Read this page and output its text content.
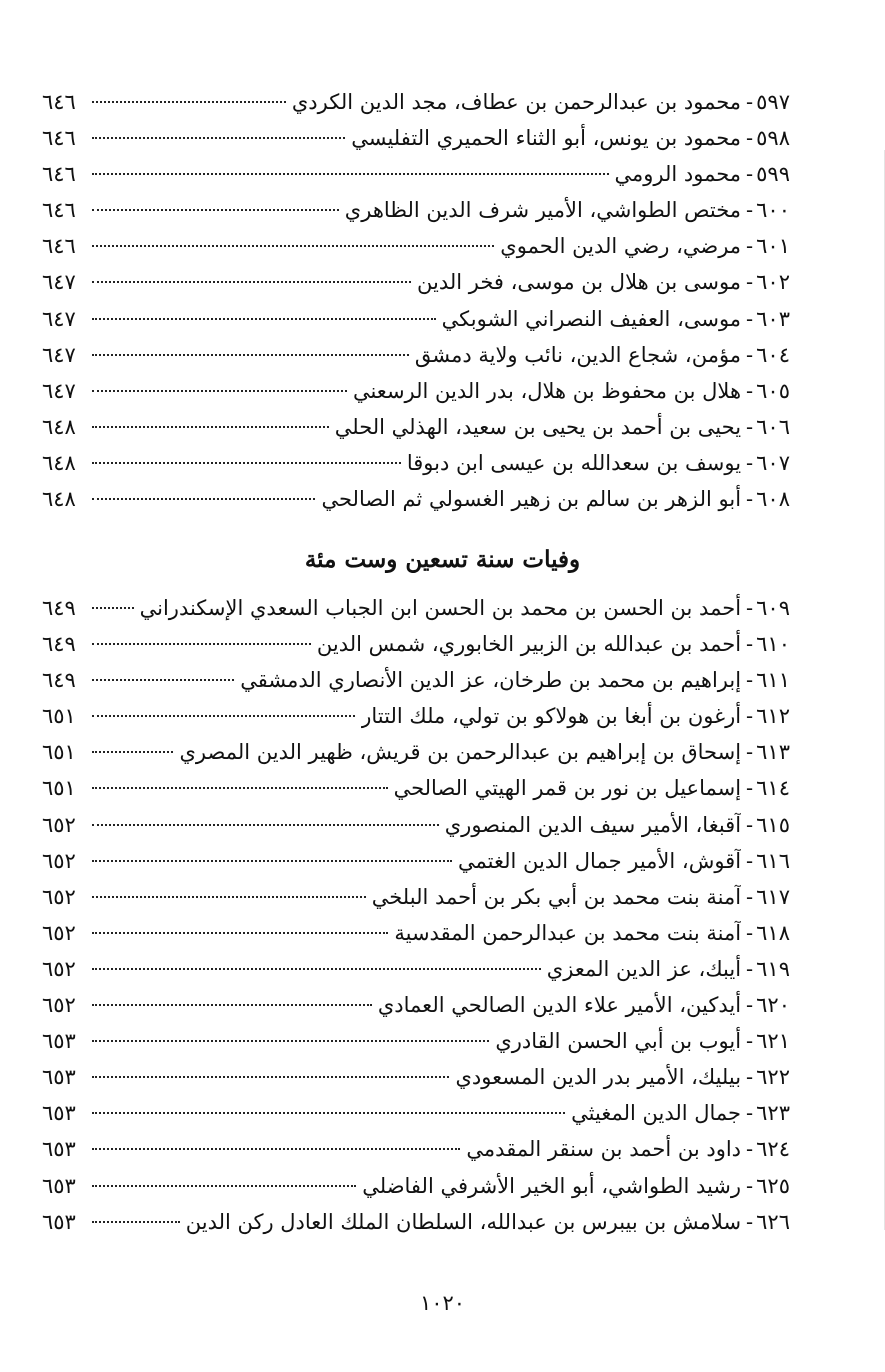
٥٩٧
-
محمود بن عبدالرحمن بن عطاف، مجد الدين الكردي
٦٤٦
٥٩٨
-
محمود بن يونس، أبو الثناء الحميري التفليسي
٦٤٦
٥٩٩
-
محمود الرومي
٦٤٦
٦٠٠
-
مختص الطواشي، الأمير شرف الدين الظاهري
٦٤٦
٦٠١
-
مرضي، رضي الدين الحموي
٦٤٦
٦٠٢
-
موسى بن هلال بن موسى، فخر الدين
٦٤٧
٦٠٣
-
موسى، العفيف النصراني الشوبكي
٦٤٧
٦٠٤
-
مؤمن، شجاع الدين، نائب ولاية دمشق
٦٤٧
٦٠٥
-
هلال بن محفوظ بن هلال، بدر الدين الرسعني
٦٤٧
٦٠٦
-
يحيى بن أحمد بن يحيى بن سعيد، الهذلي الحلي
٦٤٨
٦٠٧
-
يوسف بن سعدالله بن عيسى ابن دبوقا
٦٤٨
٦٠٨
-
أبو الزهر بن سالم بن زهير الغسولي ثم الصالحي
٦٤٨
وفيات سنة تسعين وست مئة
٦٠٩
-
أحمد بن الحسن بن محمد بن الحسن ابن الجباب السعدي الإسكندراني
٦٤٩
٦١٠
-
أحمد بن عبدالله بن الزبير الخابوري، شمس الدين
٦٤٩
٦١١
-
إبراهيم بن محمد بن طرخان، عز الدين الأنصاري الدمشقي
٦٤٩
٦١٢
-
أرغون بن أبغا بن هولاكو بن تولي، ملك التتار
٦٥١
٦١٣
-
إسحاق بن إبراهيم بن عبدالرحمن بن قريش، ظهير الدين المصري
٦٥١
٦١٤
-
إسماعيل بن نور بن قمر الهيتي الصالحي
٦٥١
٦١٥
-
آقبغا، الأمير سيف الدين المنصوري
٦٥٢
٦١٦
-
آقوش، الأمير جمال الدين الغتمي
٦٥٢
٦١٧
-
آمنة بنت محمد بن أبي بكر بن أحمد البلخي
٦٥٢
٦١٨
-
آمنة بنت محمد بن عبدالرحمن المقدسية
٦٥٢
٦١٩
-
أيبك، عز الدين المعزي
٦٥٢
٦٢٠
-
أيدكين، الأمير علاء الدين الصالحي العمادي
٦٥٢
٦٢١
-
أيوب بن أبي الحسن القادري
٦٥٣
٦٢٢
-
بيليك، الأمير بدر الدين المسعودي
٦٥٣
٦٢٣
-
جمال الدين المغيثي
٦٥٣
٦٢٤
-
داود بن أحمد بن سنقر المقدمي
٦٥٣
٦٢٥
-
رشيد الطواشي، أبو الخير الأشرفي الفاضلي
٦٥٣
٦٢٦
-
سلامش بن بيبرس بن عبدالله، السلطان الملك العادل ركن الدين
٦٥٣
١٠٢٠
